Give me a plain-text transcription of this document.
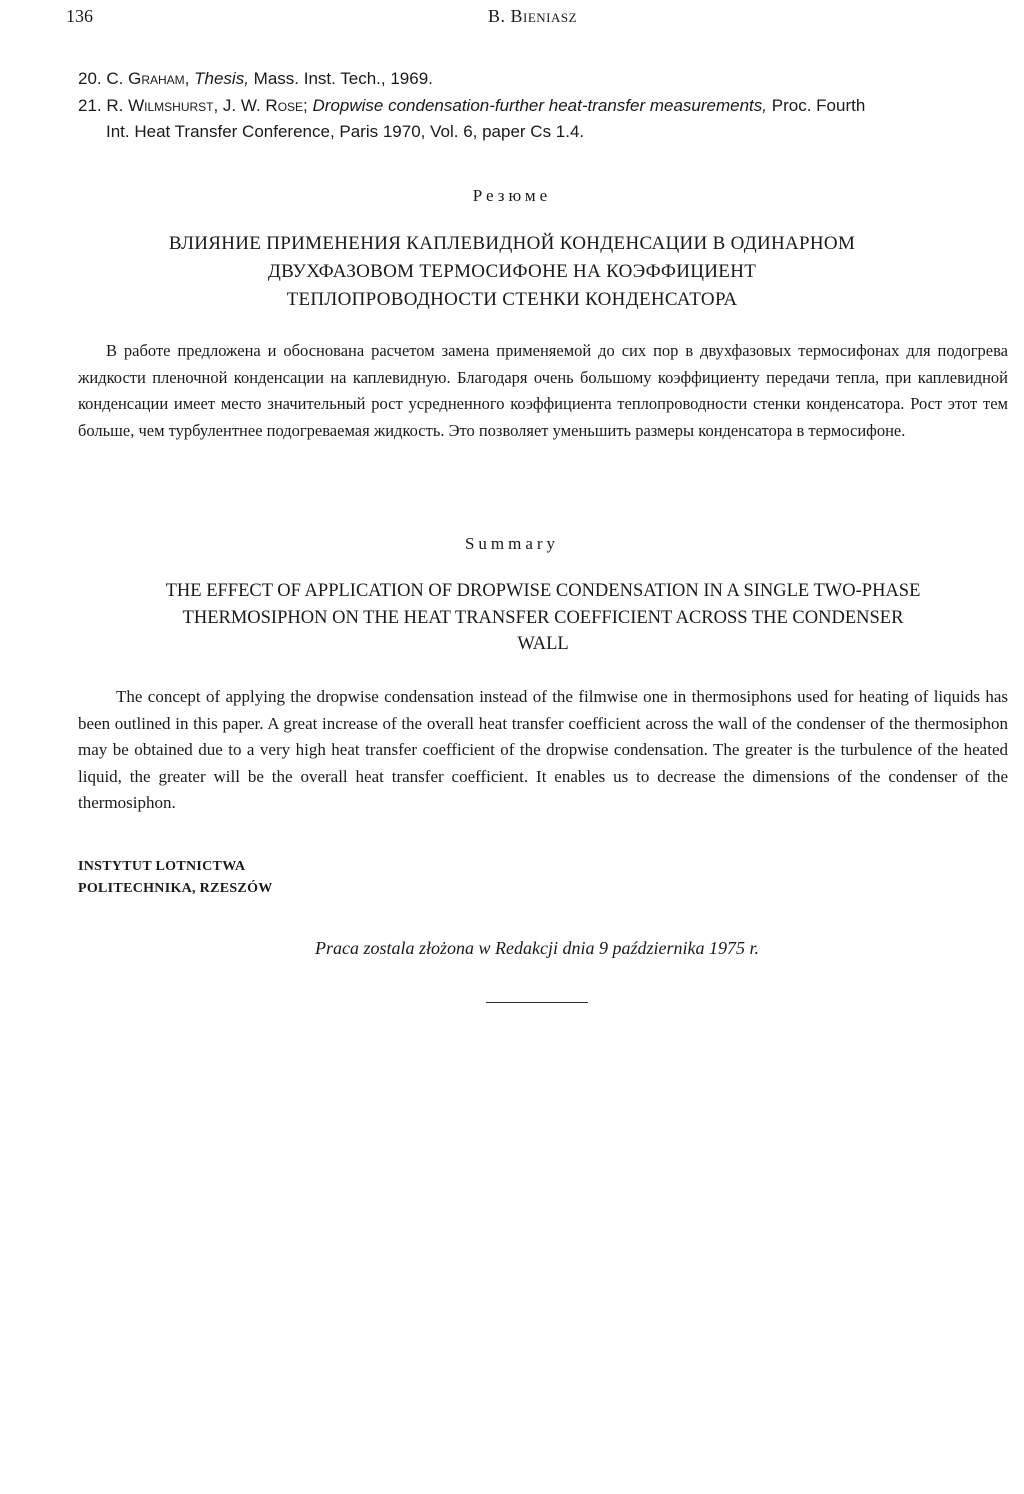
136	B. Bieniasz
20. C. Graham, Thesis, Mass. Inst. Tech., 1969.
21. R. Wilmshurst, J. W. Rose; Dropwise condensation-further heat-transfer measurements, Proc. Fourth
Int. Heat Transfer Conference, Paris 1970, Vol. 6, paper Cs 1.4.
Резюме
ВЛИЯНИЕ ПРИМЕНЕНИЯ КАПЛЕВИДНОЙ КОНДЕНСАЦИИ В ОДИНАРНОМ
ДВУХФАЗОВОМ ТЕРМОСИФОНЕ НА КОЭФФИЦИЕНТ
ТЕПЛОПРОВОДНОСТИ СТЕНКИ КОНДЕНСАТОРА

В работе предложена и обоснована расчетом замена применяемой до сих пор в двухфазовых термосифонах для подогрева жидкости пленочной конденсации на каплевидную. Благодаря очень большому коэффициенту передачи тепла, при каплевидной конденсации имеет место значительный рост усредненного коэффициента теплопроводности стенки конденсатора. Рост этот тем больше, чем турбулентнее подогреваемая жидкость. Это позволяет уменьшить размеры конденсатора в термосифоне.

Summary
THE EFFECT OF APPLICATION OF DROPWISE CONDENSATION IN A SINGLE TWO-PHASE
THERMOSIPHON ON THE HEAT TRANSFER COEFFICIENT ACROSS THE CONDENSER
WALL

The concept of applying the dropwise condensation instead of the filmwise one in thermosiphons used for heating of liquids has been outlined in this paper. A great increase of the overall heat transfer coefficient across the wall of the condenser of the thermosiphon may be obtained due to a very high heat transfer coefficient of the dropwise condensation. The greater is the turbulence of the heated liquid, the greater will be the overall heat transfer coefficient. It enables us to decrease the dimensions of the condenser of the thermosiphon.

INSTYTUT LOTNICTWA
POLITECHNIKA, RZESZÓW
Praca zostala złożona w Redakcji dnia 9 października 1975 r.
